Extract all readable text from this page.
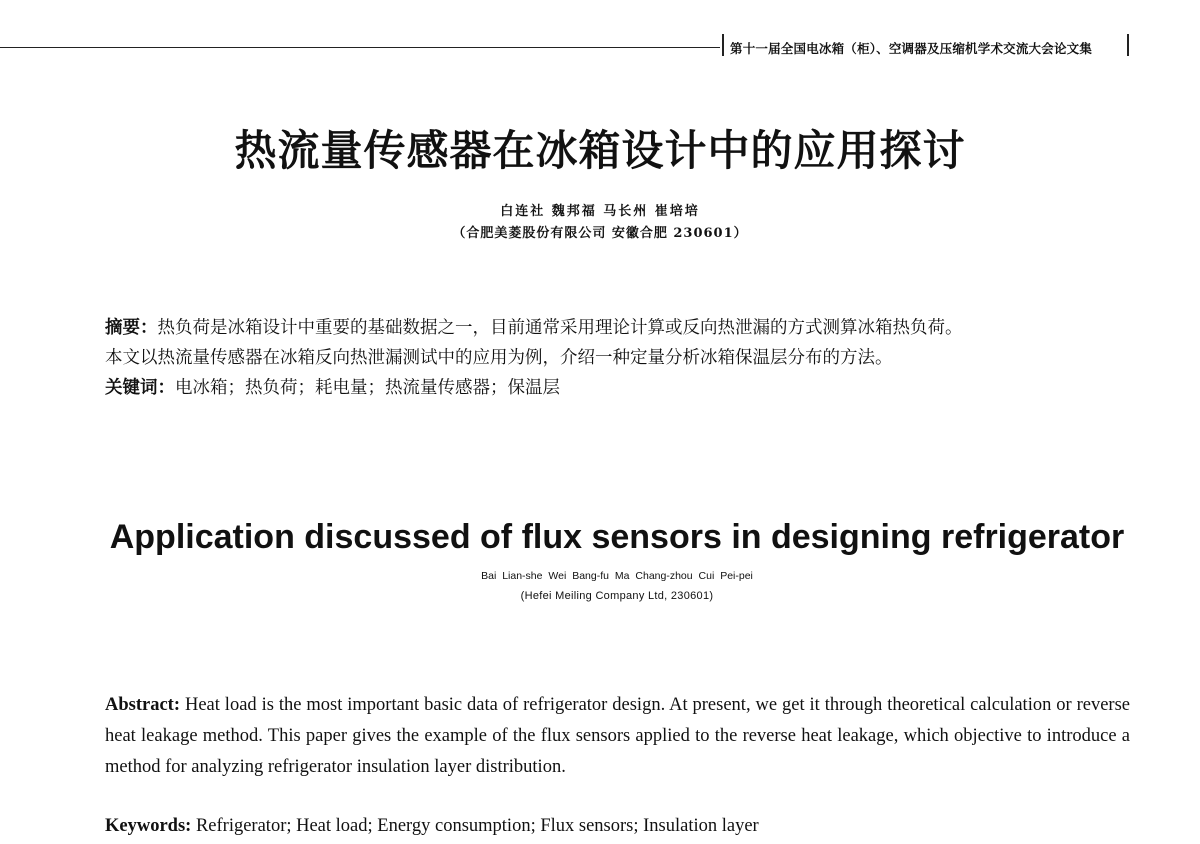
第十一届全国电冰箱（柜）、空调器及压缩机学术交流大会论文集
热流量传感器在冰箱设计中的应用探讨
白连社 魏邦福 马长州 崔培培
（合肥美菱股份有限公司 安徽合肥 230601）
摘要：热负荷是冰箱设计中重要的基础数据之一，目前通常采用理论计算或反向热泄漏的方式测算冰箱热负荷。
本文以热流量传感器在冰箱反向热泄漏测试中的应用为例，介绍一种定量分析冰箱保温层分布的方法。
关键词：电冰箱；热负荷；耗电量；热流量传感器；保温层
Application discussed of flux sensors in designing refrigerator
Bai Lian-she Wei Bang-fu Ma Chang-zhou Cui Pei-pei
(Hefei Meiling Company Ltd, 230601)
Abstract: Heat load is the most important basic data of refrigerator design. At present, we get it through theoretical calculation or reverse heat leakage method. This paper gives the example of the flux sensors applied to the reverse heat leakage, which objective to introduce a method for analyzing refrigerator insulation layer distribution.
Keywords: Refrigerator; Heat load; Energy consumption; Flux sensors; Insulation layer
